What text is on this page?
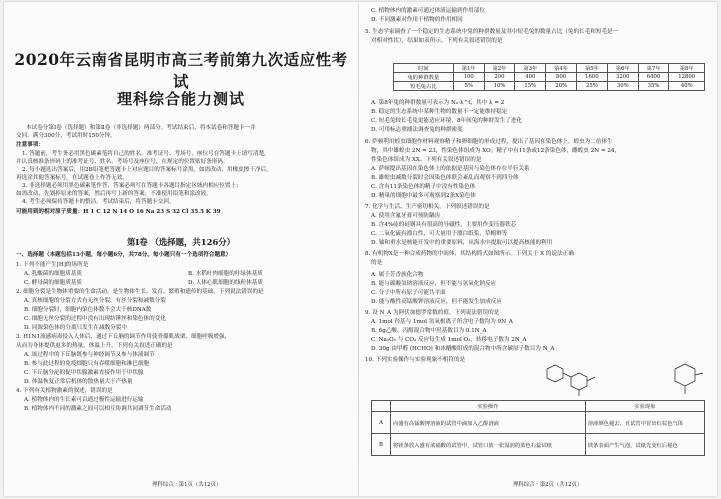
2020年云南省昆明市高三考前第九次适应性考试
理科综合能力测试
本试卷分第Ⅰ卷（选择题）和第Ⅱ卷（非选择题）两部分。考试结束后，将本试卷和答题卡一并
交回。满分300分，考试用时150分钟。
注意事项：
1. 答题前，考生务必用黑色碳素笔将自己的姓名、准考证号、考场号、座位号在答题卡上填写清楚，
并认真核准条形码上的准考证号、姓名、考场号及座位号，在规定的位置贴好条形码。
2. 每小题选出答案后，用2B铅笔把答题卡上对应题目的答案标号涂黑。如需改动，用橡皮擦干净后，
再选涂其他答案标号。在试题卷上作答无效。
3. 非选择题必须用黑色碳素笔作答，答案必须写在答题卡各题目指定区域内相应位置上；
如需改动，先划掉原来的答案，然后再写上新的答案；不准使用铅笔和涂改液。
4. 考生必须保持答题卡的整洁。考试结束后，将答题卡交回。
可能用到的相对原子质量：H 1 C 12 N 14 O 16 Na 23 S 32 Cl 35.5 K 39
第Ⅰ卷 （选择题，共126分）
一、选择题（本题包括13小题，每小题6分，共78分。每小题只有一个选项符合题意）
1. 下列不能产生[H]的场所是
A. 乳酸菌的细胞质基质	B. 水稻叶肉细胞的叶绿体基质
C. 酵母菌的细胞质基质	D. 人体心肌细胞的线粒体基质
2. 细胞分裂是生物体重要的生命活动，是生物体生长、发育、繁殖和遗传的基础。下列说法错误的是
A. 真核细胞的分裂方式有无丝分裂、有丝分裂和减数分裂
B. 细胞分裂时，细胞内染色体数不会大于核DNA数
C. 细胞无丝分裂的过程中没有出现纺锤丝和染色体的变化
D. 同源染色体的分离只发生在减数分裂中
3. H1N1流感病毒侵入人体后，通过下丘脑的调节作用使骨骼肌战栗、细胞呼吸增强，
从而为身体提供更多的热量，体温上升。下列有关叙述正确的是
A. 该过程中的下丘脑既参与神经调节又参与体液调节
B. 参与此过程的免疫细胞只有吞噬细胞和淋巴细胞
C. 下丘脑分泌的促甲状腺激素直接作用于甲状腺
D. 体温恢复正常后机体的散热量大于产热量
4. 下列有关植物激素的叙述，错误的是
A. 植物体内的生长素可以通过极性运输进行运输
B. 植物体内不同的激素之间可以相互协调共同调节生命活动
理科综合 · 第1页（共12页）
C. 植物体内的激素可通过体液运输到作用部位
D. 不同激素对作用于植物的作用相同
5. 生态学家调查了一个稳定的生态系统中兔的种群数量及其中短毛兔的数量占比（兔的长毛和短毛是一
对相对性状），结果如表所示。下列有关叙述错误的是
时间	第1年	第2年	第3年	第4年	第5年	第6年	第7年	第8年
兔的种群数量	100	200	400	800	1600	3200	6400	12800
短毛兔占比	5%	10%	15%	20%	25%	30%	35%	40%
A. 第8年兔的种群数量可表示为 N₀·λ^t，其中 λ = 2
B. 稳定的生态系统中某种生物的数量不一定能维持稳定
C. 短毛兔较长毛兔更能适应环境，8年间兔的种群发生了进化
D. 可用标志重捕法调查兔的种群密度
6. 萨顿利用蝗虫细胞作材料观察精子和卵细胞的形成过程，提出了基因在染色体上。蝗虫为二倍体生
物，其中雄蝗虫 2N = 23，性染色体组成为 XO；精子中有11条或12条染色体，雌蝗虫 2N = 24，
性染色体组成为 XX。下列有关叙述错误的是
A. 萨顿提出基因在染色体上的依据是基因与染色体存在平行关系
B. 雄蝗虫减数分裂时会因染色体联会紊乱而观察不到四分体
C. 含有11条染色体的精子中没有性染色体
D. 精巢的细胞中最多可观察到2条X染色体
7. 化学与生活、生产密切相关。下列叙述错误的是
A. 使用含氟牙膏可预防龋齿
B. 含4%硅的硅钢具有很高的导磁性，主要用作变压器铁芯
C. 二氧化硫有漂白性，可大量用于漂白纸浆、草帽辫等
D. 铀和重水是核能开发中的重要原料，从海水中提取可以提高核能的利用
8. 有机物X是一种合成药物的中间体，其结构简式如图所示。下列关于 X 的说法正确
的是
A. 属于芳香族化合物
B. 能与碳酸氢钠溶液反应，但不能与氢氧化钠反应
C. 分子中所有原子可能共平面
D. 能与酸性高锰酸钾溶液反应，但不能发生加成反应
9. 设 N_A 为阿伏加德罗常数的值。下列说法错误的是
A. 1mol 羟基与 1mol 氢氧根离子所含电子数均为 9N_A
B. 6g乙酸、丙醇混合物中羟基数目为 0.1N_A
C. Na₂O₂ 与 CO₂ 反应每生成 1mol O₂，转移电子数为 2N_A
D. 30g 由甲醛 (HCHO) 和冰醋酸组成的混合物中所含碳原子数目为 N_A
10. 下列实验操作与实验现象不相符的是
	实验操作	实验现象
A	向盛有高锰酸钾溶液的试管中滴加入乙醇溶液	溶液颜色褪去，且试管中冒出红棕色气体
B	将镁条放入盛有浓硝酸的试管中，试管口放一张湿润的蓝色石蕊试纸	镁条表面产生气泡，试纸先变红后褪色
理科综合 · 第2页（共12页）
